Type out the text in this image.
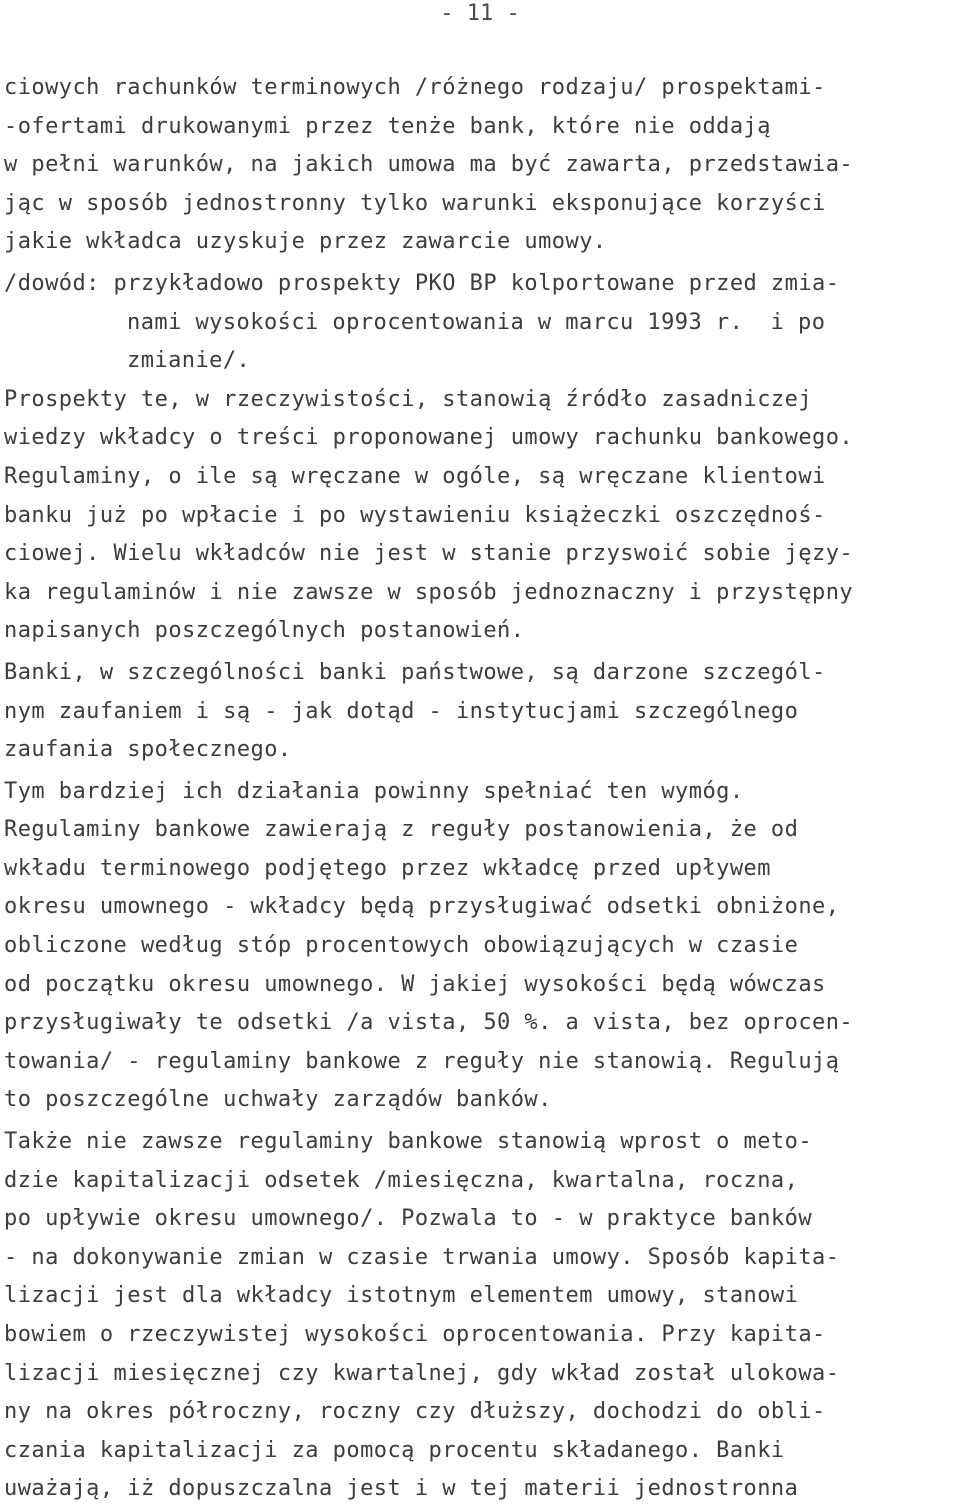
- 11 -
ciowych rachunków terminowych /różnego rodzaju/ prospektami-
-ofertami drukowanymi przez tenże bank, które nie oddają
w pełni warunków, na jakich umowa ma być zawarta, przedstawia-
jąc w sposób jednostronny tylko warunki eksponujące korzyści
jakie wkładca uzyskuje przez zawarcie umowy.
/dowód: przykładowo prospekty PKO BP kolportowane przed zmia-
nami wysokości oprocentowania w marcu 1993 r.  i po
zmianie/.
Prospekty te, w rzeczywistości, stanowią źródło zasadniczej
wiedzy wkładcy o treści proponowanej umowy rachunku bankowego.
Regulaminy, o ile są wręczane w ogóle, są wręczane klientowi
banku już po wpłacie i po wystawieniu książeczki oszczędnoś-
ciowej. Wielu wkładców nie jest w stanie przyswoić sobie języ-
ka regulaminów i nie zawsze w sposób jednoznaczny i przystępny
napisanych poszczególnych postanowień.
Banki, w szczególności banki państwowe, są darzone szczegól-
nym zaufaniem i są - jak dotąd - instytucjami szczególnego
zaufania społecznego.
Tym bardziej ich działania powinny spełniać ten wymóg.
Regulaminy bankowe zawierają z reguły postanowienia, że od
wkładu terminowego podjętego przez wkładcę przed upływem
okresu umownego - wkładcy będą przysługiwać odsetki obniżone,
obliczone według stóp procentowych obowiązujących w czasie
od początku okresu umownego. W jakiej wysokości będą wówczas
przysługiwały te odsetki /a vista, 50 %. a vista, bez oprocen-
towania/ - regulaminy bankowe z reguły nie stanowią. Regulują
to poszczególne uchwały zarządów banków.
Także nie zawsze regulaminy bankowe stanowią wprost o meto-
dzie kapitalizacji odsetek /miesięczna, kwartalna, roczna,
po upływie okresu umownego/. Pozwala to - w praktyce banków
- na dokonywanie zmian w czasie trwania umowy. Sposób kapita-
lizacji jest dla wkładcy istotnym elementem umowy, stanowi
bowiem o rzeczywistej wysokości oprocentowania. Przy kapita-
lizacji miesięcznej czy kwartalnej, gdy wkład został ulokowa-
ny na okres półroczny, roczny czy dłuższy, dochodzi do obli-
czania kapitalizacji za pomocą procentu składanego. Banki
uważają, iż dopuszczalna jest i w tej materii jednostronna
